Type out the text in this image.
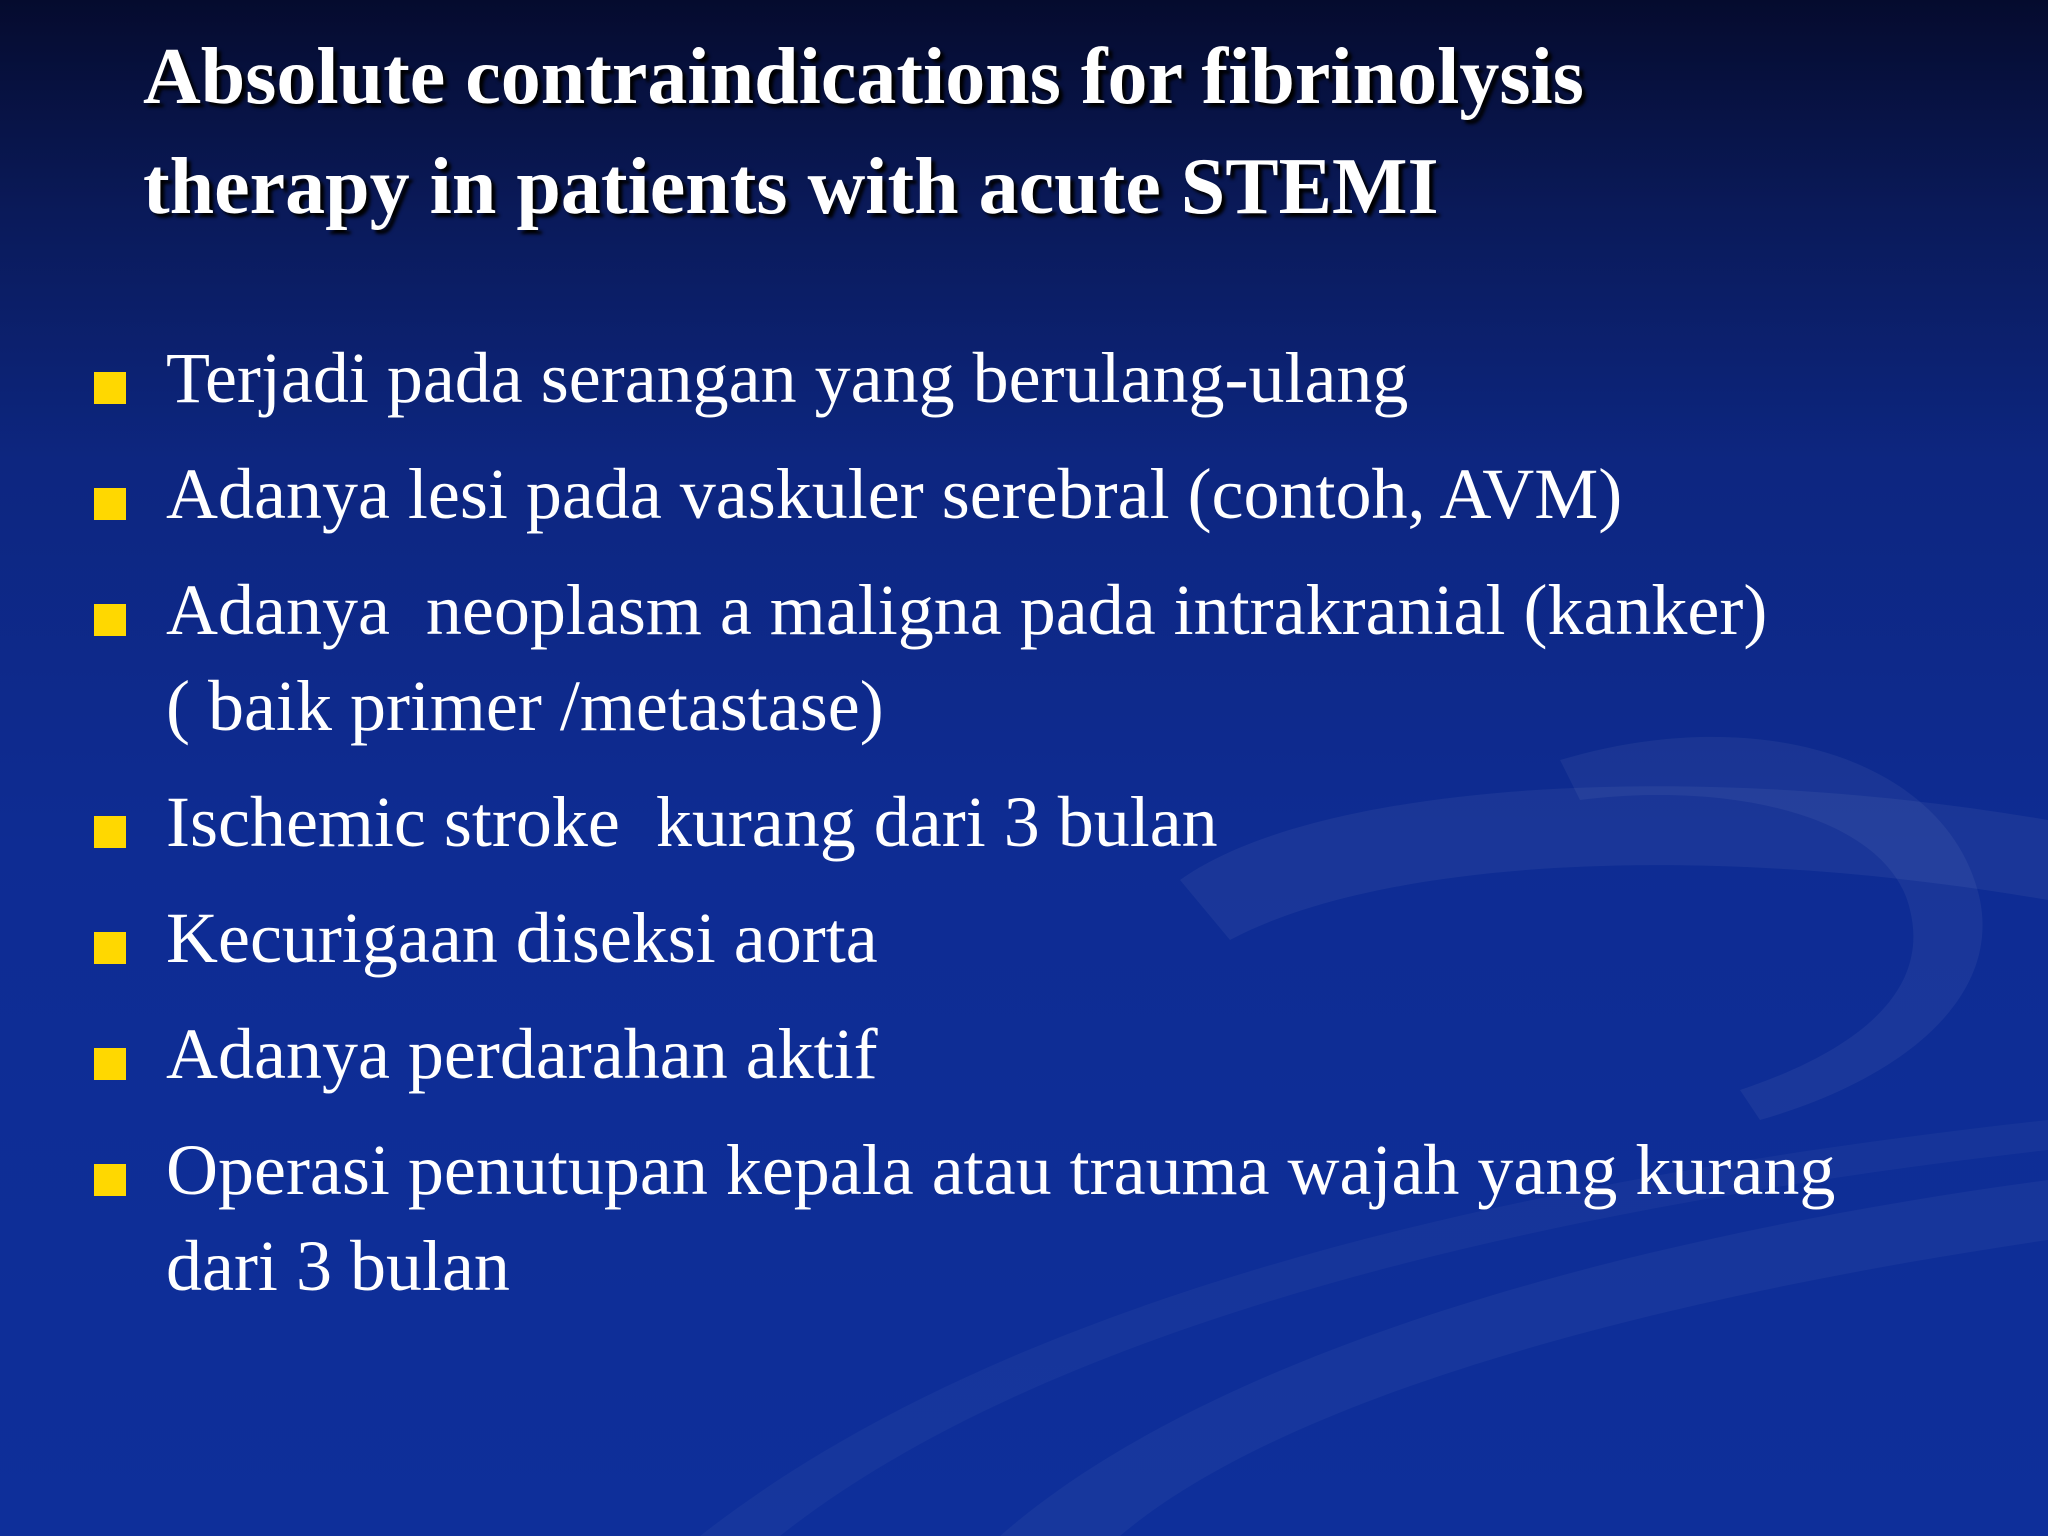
Absolute contraindications for fibrinolysis
therapy in patients with acute STEMI
Terjadi pada serangan yang berulang-ulang
Adanya lesi pada vaskuler serebral (contoh, AVM)
Adanya  neoplasm a maligna pada intrakranial (kanker)
( baik primer /metastase)
Ischemic stroke  kurang dari 3 bulan
Kecurigaan diseksi aorta
Adanya perdarahan aktif
Operasi penutupan kepala atau trauma wajah yang kurang
dari 3 bulan
